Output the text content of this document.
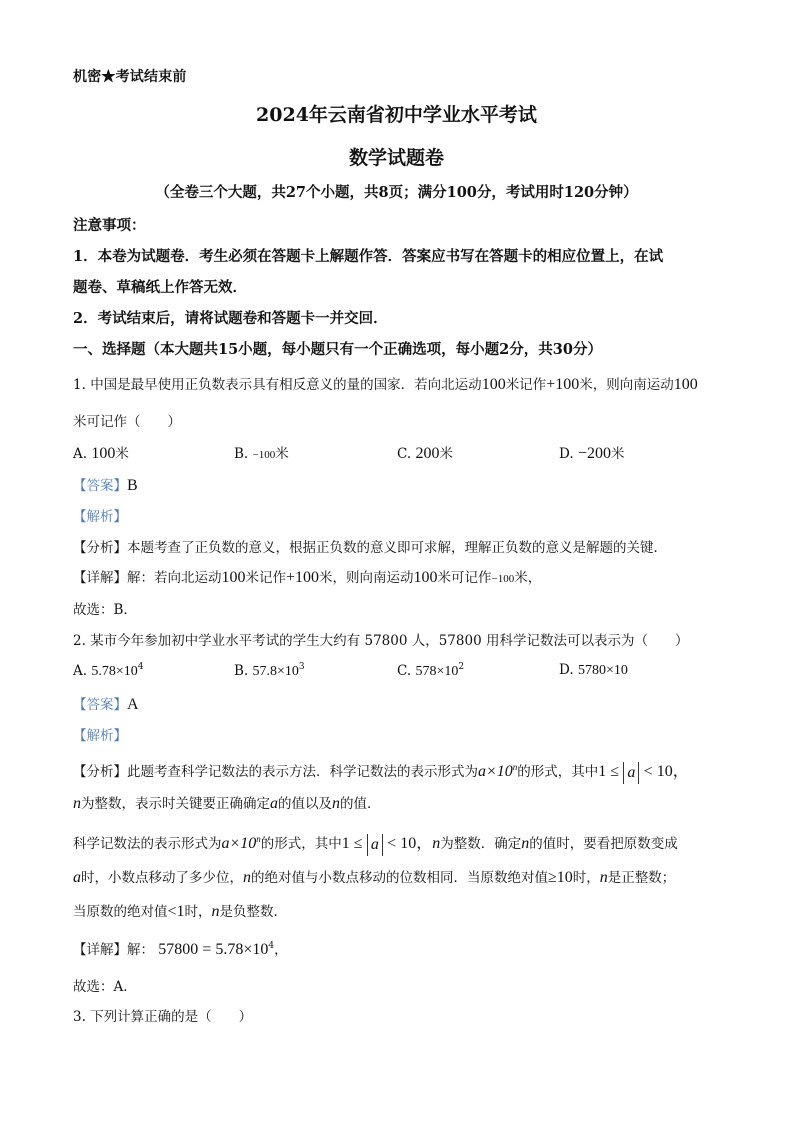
机密★考试结束前
2024年云南省初中学业水平考试
数学试题卷
（全卷三个大题，共27个小题，共8页；满分100分，考试用时120分钟）
注意事项：
1．本卷为试题卷．考生必须在答题卡上解题作答．答案应书写在答题卡的相应位置上，在试
题卷、草稿纸上作答无效．
2．考试结束后，请将试题卷和答题卡一并交回．
一、选择题（本大题共15小题，每小题只有一个正确选项，每小题2分，共30分）
1. 中国是最早使用正负数表示具有相反意义的量的国家．若向北运动100米记作+100米，则向南运动100
米可记作（　　）
A. 100米	B. −100米	C. 200米	D. −200米
【答案】B
【解析】
【分析】本题考查了正负数的意义，根据正负数的意义即可求解，理解正负数的意义是解题的关键．
【详解】解：若向北运动100米记作+100米，则向南运动100米可记作−100米，
故选：B．
2. 某市今年参加初中学业水平考试的学生大约有 57800 人，57800 用科学记数法可以表示为（　　）
A. $5.78\times 10^4$	B. $57.8\times 10^3$	C. $578\times 10^2$	D. 5780×10
【答案】A
【解析】
【分析】此题考查科学记数法的表示方法．科学记数法的表示形式为$a\times 10^n$的形式，其中1 ≤ a < 10，
n为整数，表示时关键要正确确定a的值以及n的值．
科学记数法的表示形式为$a\times 10^n$的形式，其中1 ≤ a < 10，n为整数．确定n的值时，要看把原数变成
a时，小数点移动了多少位，n的绝对值与小数点移动的位数相同．当原数绝对值≥10时，n是正整数；
当原数的绝对值<1时，n是负整数．
【详解】解： $57800 = 5.78\times 10^4$，
故选：A．
3. 下列计算正确的是（　　）
